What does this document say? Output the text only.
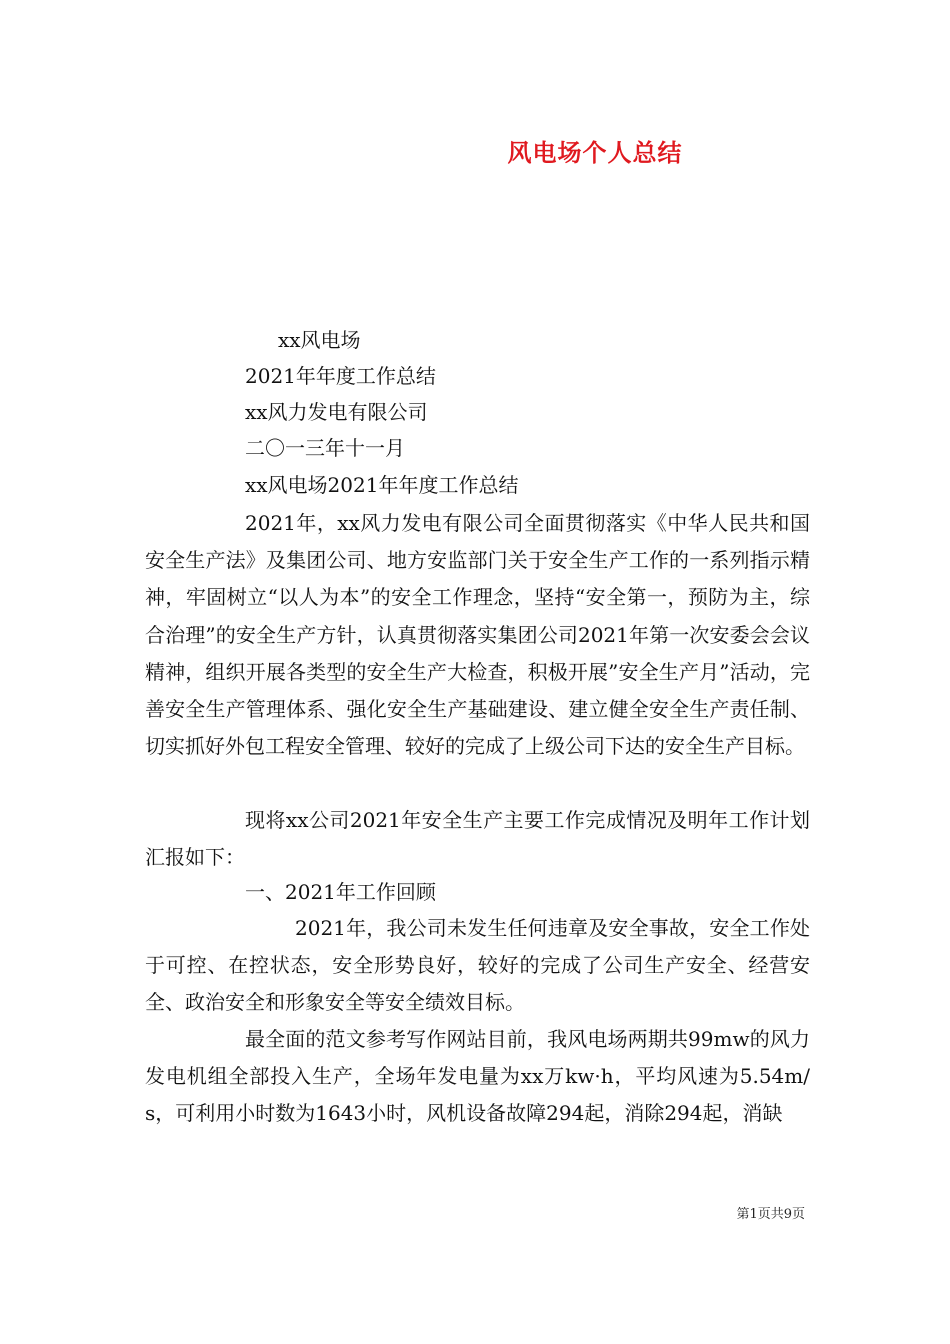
风电场个人总结
xx风电场
2021年年度工作总结
xx风力发电有限公司
二〇一三年十一月
xx风电场2021年年度工作总结

2021年，xx风力发电有限公司全面贯彻落实《中华人民共和国安全生产法》及集团公司、地方安监部门关于安全生产工作的一系列指示精神，牢固树立“以人为本”的安全工作理念，坚持“安全第一，预防为主，综合治理”的安全生产方针，认真贯彻落实集团公司2021年第一次安委会会议精神，组织开展各类型的安全生产大检查，积极开展”安全生产月”活动，完善安全生产管理体系、强化安全生产基础建设、建立健全安全生产责任制、切实抓好外包工程安全管理、较好的完成了上级公司下达的安全生产目标。

现将xx公司2021年安全生产主要工作完成情况及明年工作计划汇报如下：

一、2021年工作回顾

2021年，我公司未发生任何违章及安全事故，安全工作处于可控、在控状态，安全形势良好，较好的完成了公司生产安全、经营安全、政治安全和形象安全等安全绩效目标。

最全面的范文参考写作网站目前，我风电场两期共99mw的风力发电机组全部投入生产，全场年发电量为xx万kw·h，平均风速为5.54m/s，可利用小时数为1643小时，风机设备故障294起，消除294起，消缺

第1页共9页
